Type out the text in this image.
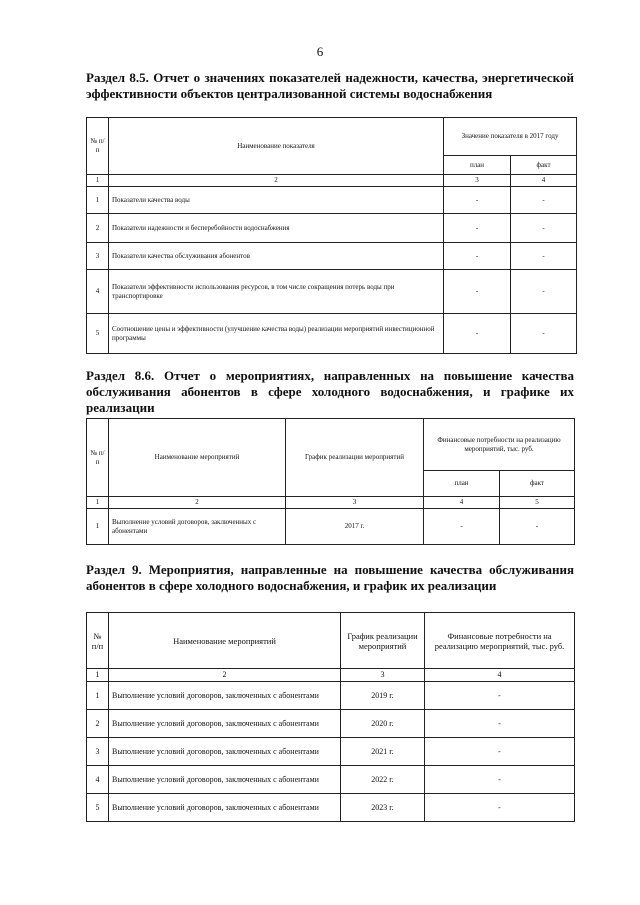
6
Раздел 8.5. Отчет о значениях показателей надежности, качества, энергетической эффективности объектов централизованной системы водоснабжения
№ п/п	Наименование показателя	Значение показателя в 2017 году	
		план	факт
1	2	3	4
1	Показатели качества воды	-	-
2	Показатели надежности и бесперебойности водоснабжения	-	-
3	Показатели качества обслуживания абонентов	-	-
4	Показатели эффективности использования ресурсов, в том числе сокращения потерь воды при транспортировке	-	-
5	Соотношение цены и эффективности (улучшение качества воды) реализации мероприятий инвестиционной программы	-	-
Раздел 8.6. Отчет о мероприятиях, направленных на повышение качества обслуживания абонентов в сфере холодного водоснабжения, и графике их реализации
№ п/п	Наименование мероприятий	График реализации мероприятий	Финансовые потребности на реализацию мероприятий, тыс. руб.	
			план	факт
1	2	3	4	5
1	Выполнение условий договоров, заключенных с абонентами	2017 г.	-	-
Раздел 9. Мероприятия, направленные на повышение качества обслуживания абонентов в сфере холодного водоснабжения, и график их реализации
№ п/п	Наименование мероприятий	График реализации мероприятий	Финансовые потребности на реализацию мероприятий, тыс. руб.
1	2	3	4
1	Выполнение условий договоров, заключенных с абонентами	2019 г.	-
2	Выполнение условий договоров, заключенных с абонентами	2020 г.	-
3	Выполнение условий договоров, заключенных с абонентами	2021 г.	-
4	Выполнение условий договоров, заключенных с абонентами	2022 г.	-
5	Выполнение условий договоров, заключенных с абонентами	2023 г.	-
